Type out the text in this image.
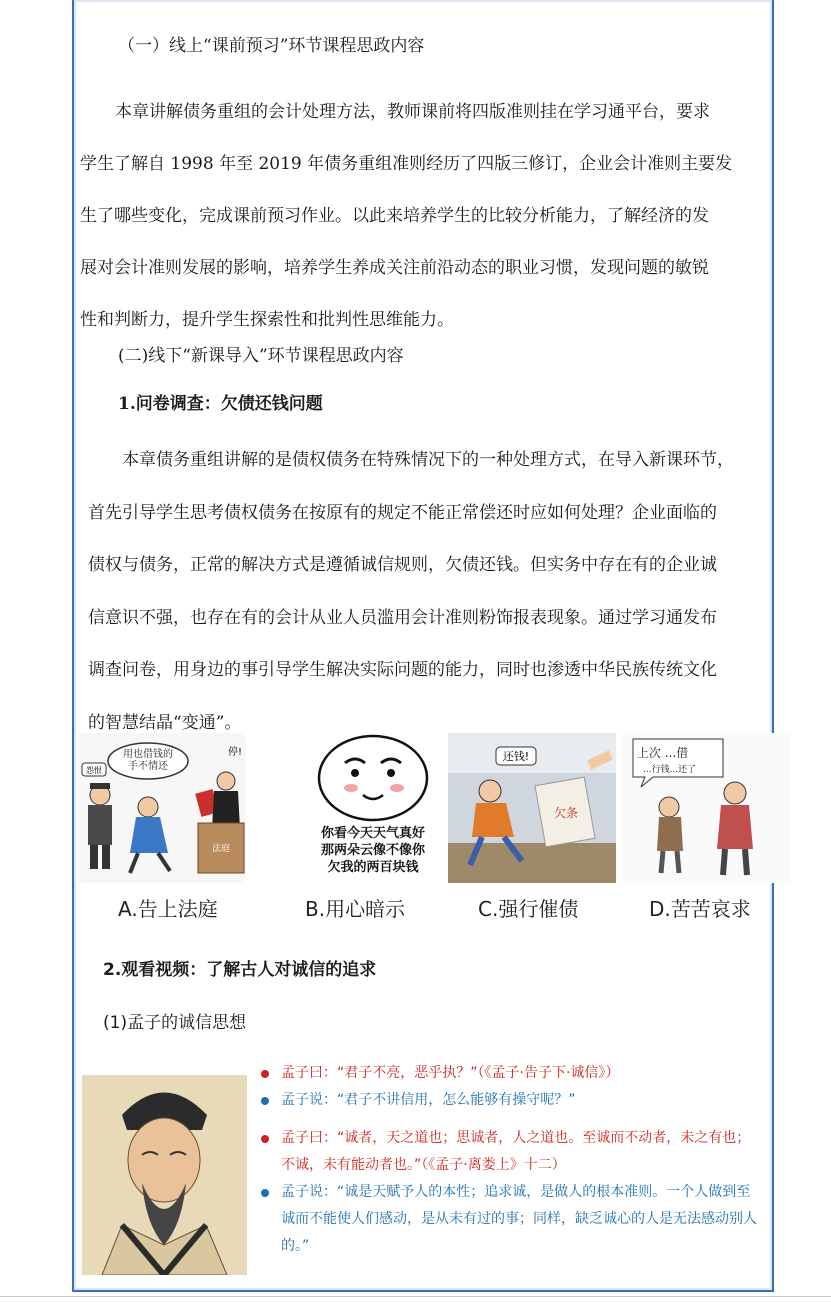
（一）线上“课前预习”环节课程思政内容
本章讲解债务重组的会计处理方法，教师课前将四版准则挂在学习通平台，要求
学生了解自 1998 年至 2019 年债务重组准则经历了四版三修订，企业会计准则主要发
生了哪些变化，完成课前预习作业。以此来培养学生的比较分析能力，了解经济的发
展对会计准则发展的影响，培养学生养成关注前沿动态的职业习惯，发现问题的敏锐
性和判断力，提升学生探索性和批判性思维能力。
(二)线下“新课导入”环节课程思政内容
1.问卷调查：欠债还钱问题
本章债务重组讲解的是债权债务在特殊情况下的一种处理方式，在导入新课环节，
首先引导学生思考债权债务在按原有的规定不能正常偿还时应如何处理？企业面临的
债权与债务，正常的解决方式是遵循诚信规则，欠债还钱。但实务中存在有的企业诚
信意识不强，也存在有的会计从业人员滥用会计准则粉饰报表现象。通过学习通发布
调查问卷，用身边的事引导学生解决实际问题的能力，同时也渗透中华民族传统文化
的智慧结晶“变通”。
用也借钱的
手不情还
怨恨
法庭
停!
A.告上法庭
你看今天天气真好
那两朵云像不像你
欠我的两百块钱
B.用心暗示
欠条
还钱!
C.强行催债
上次 ...借
...行钱...还了
D.苦苦哀求
2.观看视频：了解古人对诚信的追求
(1)孟子的诚信思想
孟子曰：“君子不亮，恶乎执？”（《孟子·告子下·诚信》）
孟子说：“君子不讲信用，怎么能够有操守呢？”
孟子曰：“诚者，天之道也；思诚者，人之道也。至诚而不动者，未之有也；不诚，未有能动者也。”（《孟子·离娄上》十二）
孟子说：“诚是天赋予人的本性；追求诚，是做人的根本准则。一个人做到至诚而不能使人们感动，是从未有过的事；同样，缺乏诚心的人是无法感动别人的。”
